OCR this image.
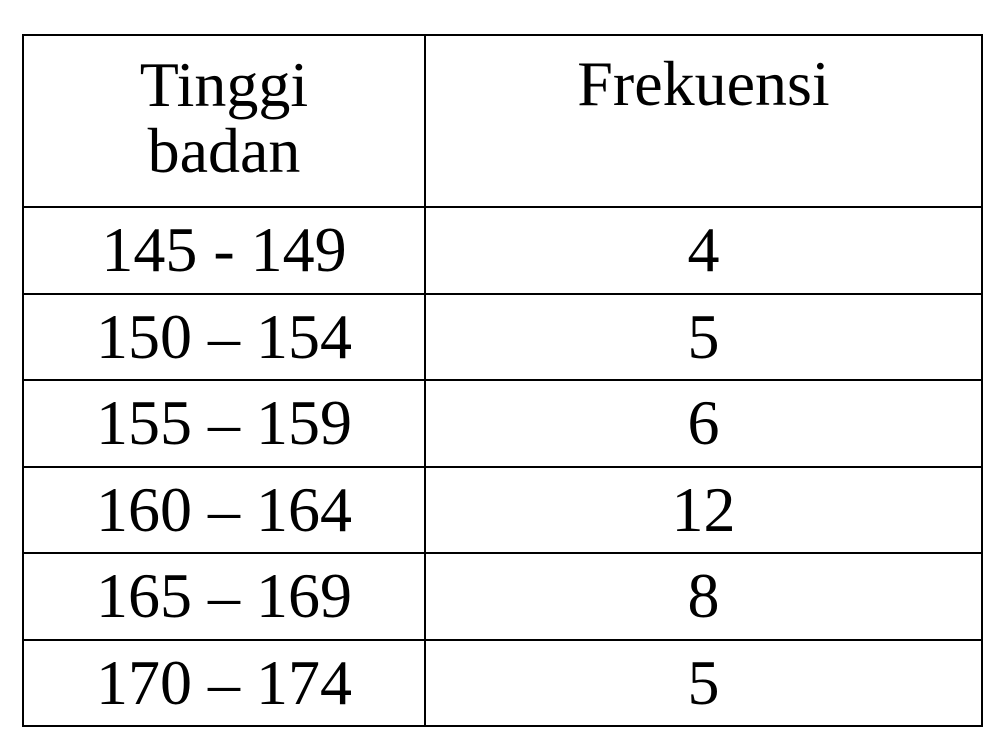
Tinggi badan	Frekuensi

145 - 149	4
150 – 154	5
155 – 159	6
160 – 164	12
165 – 169	8
170 – 174	5
